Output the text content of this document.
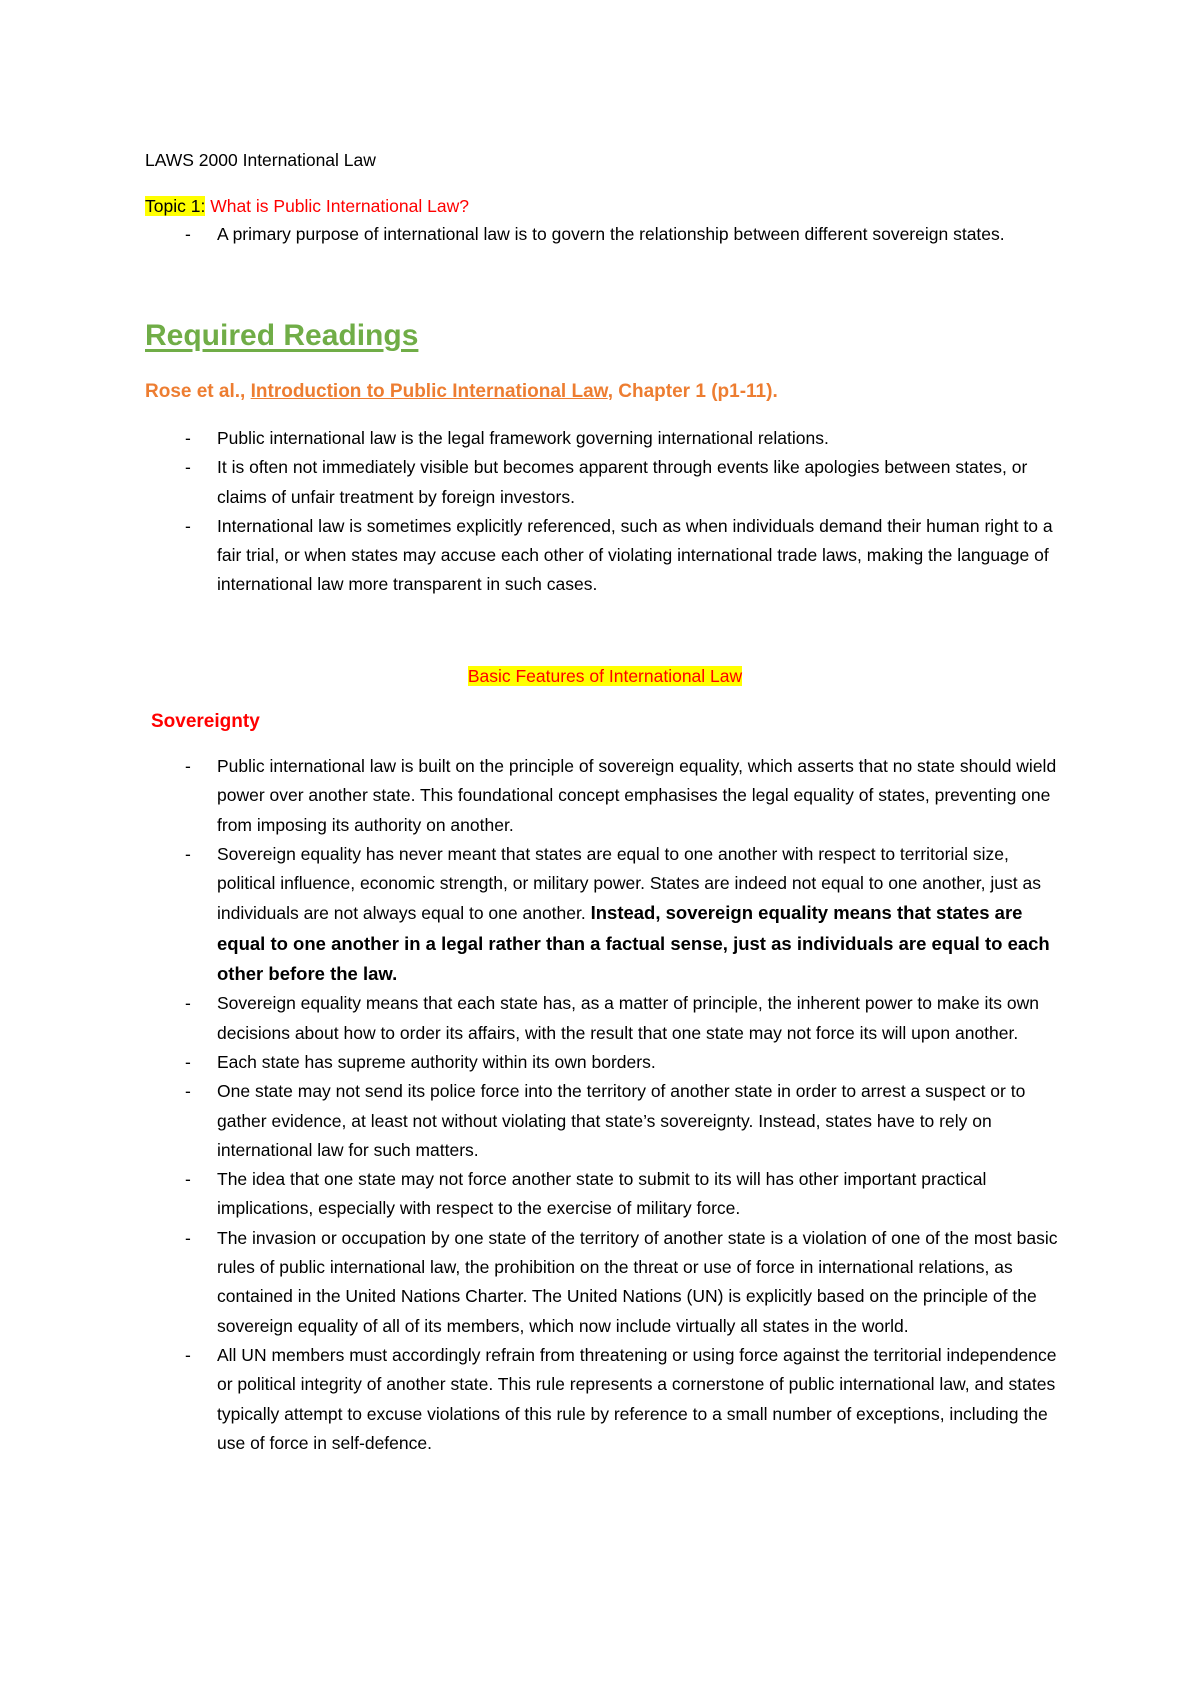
LAWS 2000 International Law
Topic 1: What is Public International Law?
- A primary purpose of international law is to govern the relationship between different sovereign states.
Required Readings
Rose et al., Introduction to Public International Law, Chapter 1 (p1-11).
- Public international law is the legal framework governing international relations.
- It is often not immediately visible but becomes apparent through events like apologies between states, or claims of unfair treatment by foreign investors.
- International law is sometimes explicitly referenced, such as when individuals demand their human right to a fair trial, or when states may accuse each other of violating international trade laws, making the language of international law more transparent in such cases.
Basic Features of International Law
Sovereignty
- Public international law is built on the principle of sovereign equality, which asserts that no state should wield power over another state. This foundational concept emphasises the legal equality of states, preventing one from imposing its authority on another.
- Sovereign equality has never meant that states are equal to one another with respect to territorial size, political influence, economic strength, or military power. States are indeed not equal to one another, just as individuals are not always equal to one another. Instead, sovereign equality means that states are equal to one another in a legal rather than a factual sense, just as individuals are equal to each other before the law.
- Sovereign equality means that each state has, as a matter of principle, the inherent power to make its own decisions about how to order its affairs, with the result that one state may not force its will upon another.
- Each state has supreme authority within its own borders.
- One state may not send its police force into the territory of another state in order to arrest a suspect or to gather evidence, at least not without violating that state’s sovereignty. Instead, states have to rely on international law for such matters.
- The idea that one state may not force another state to submit to its will has other important practical implications, especially with respect to the exercise of military force.
- The invasion or occupation by one state of the territory of another state is a violation of one of the most basic rules of public international law, the prohibition on the threat or use of force in international relations, as contained in the United Nations Charter. The United Nations (UN) is explicitly based on the principle of the sovereign equality of all of its members, which now include virtually all states in the world.
- All UN members must accordingly refrain from threatening or using force against the territorial independence or political integrity of another state. This rule represents a cornerstone of public international law, and states typically attempt to excuse violations of this rule by reference to a small number of exceptions, including the use of force in self-defence.
